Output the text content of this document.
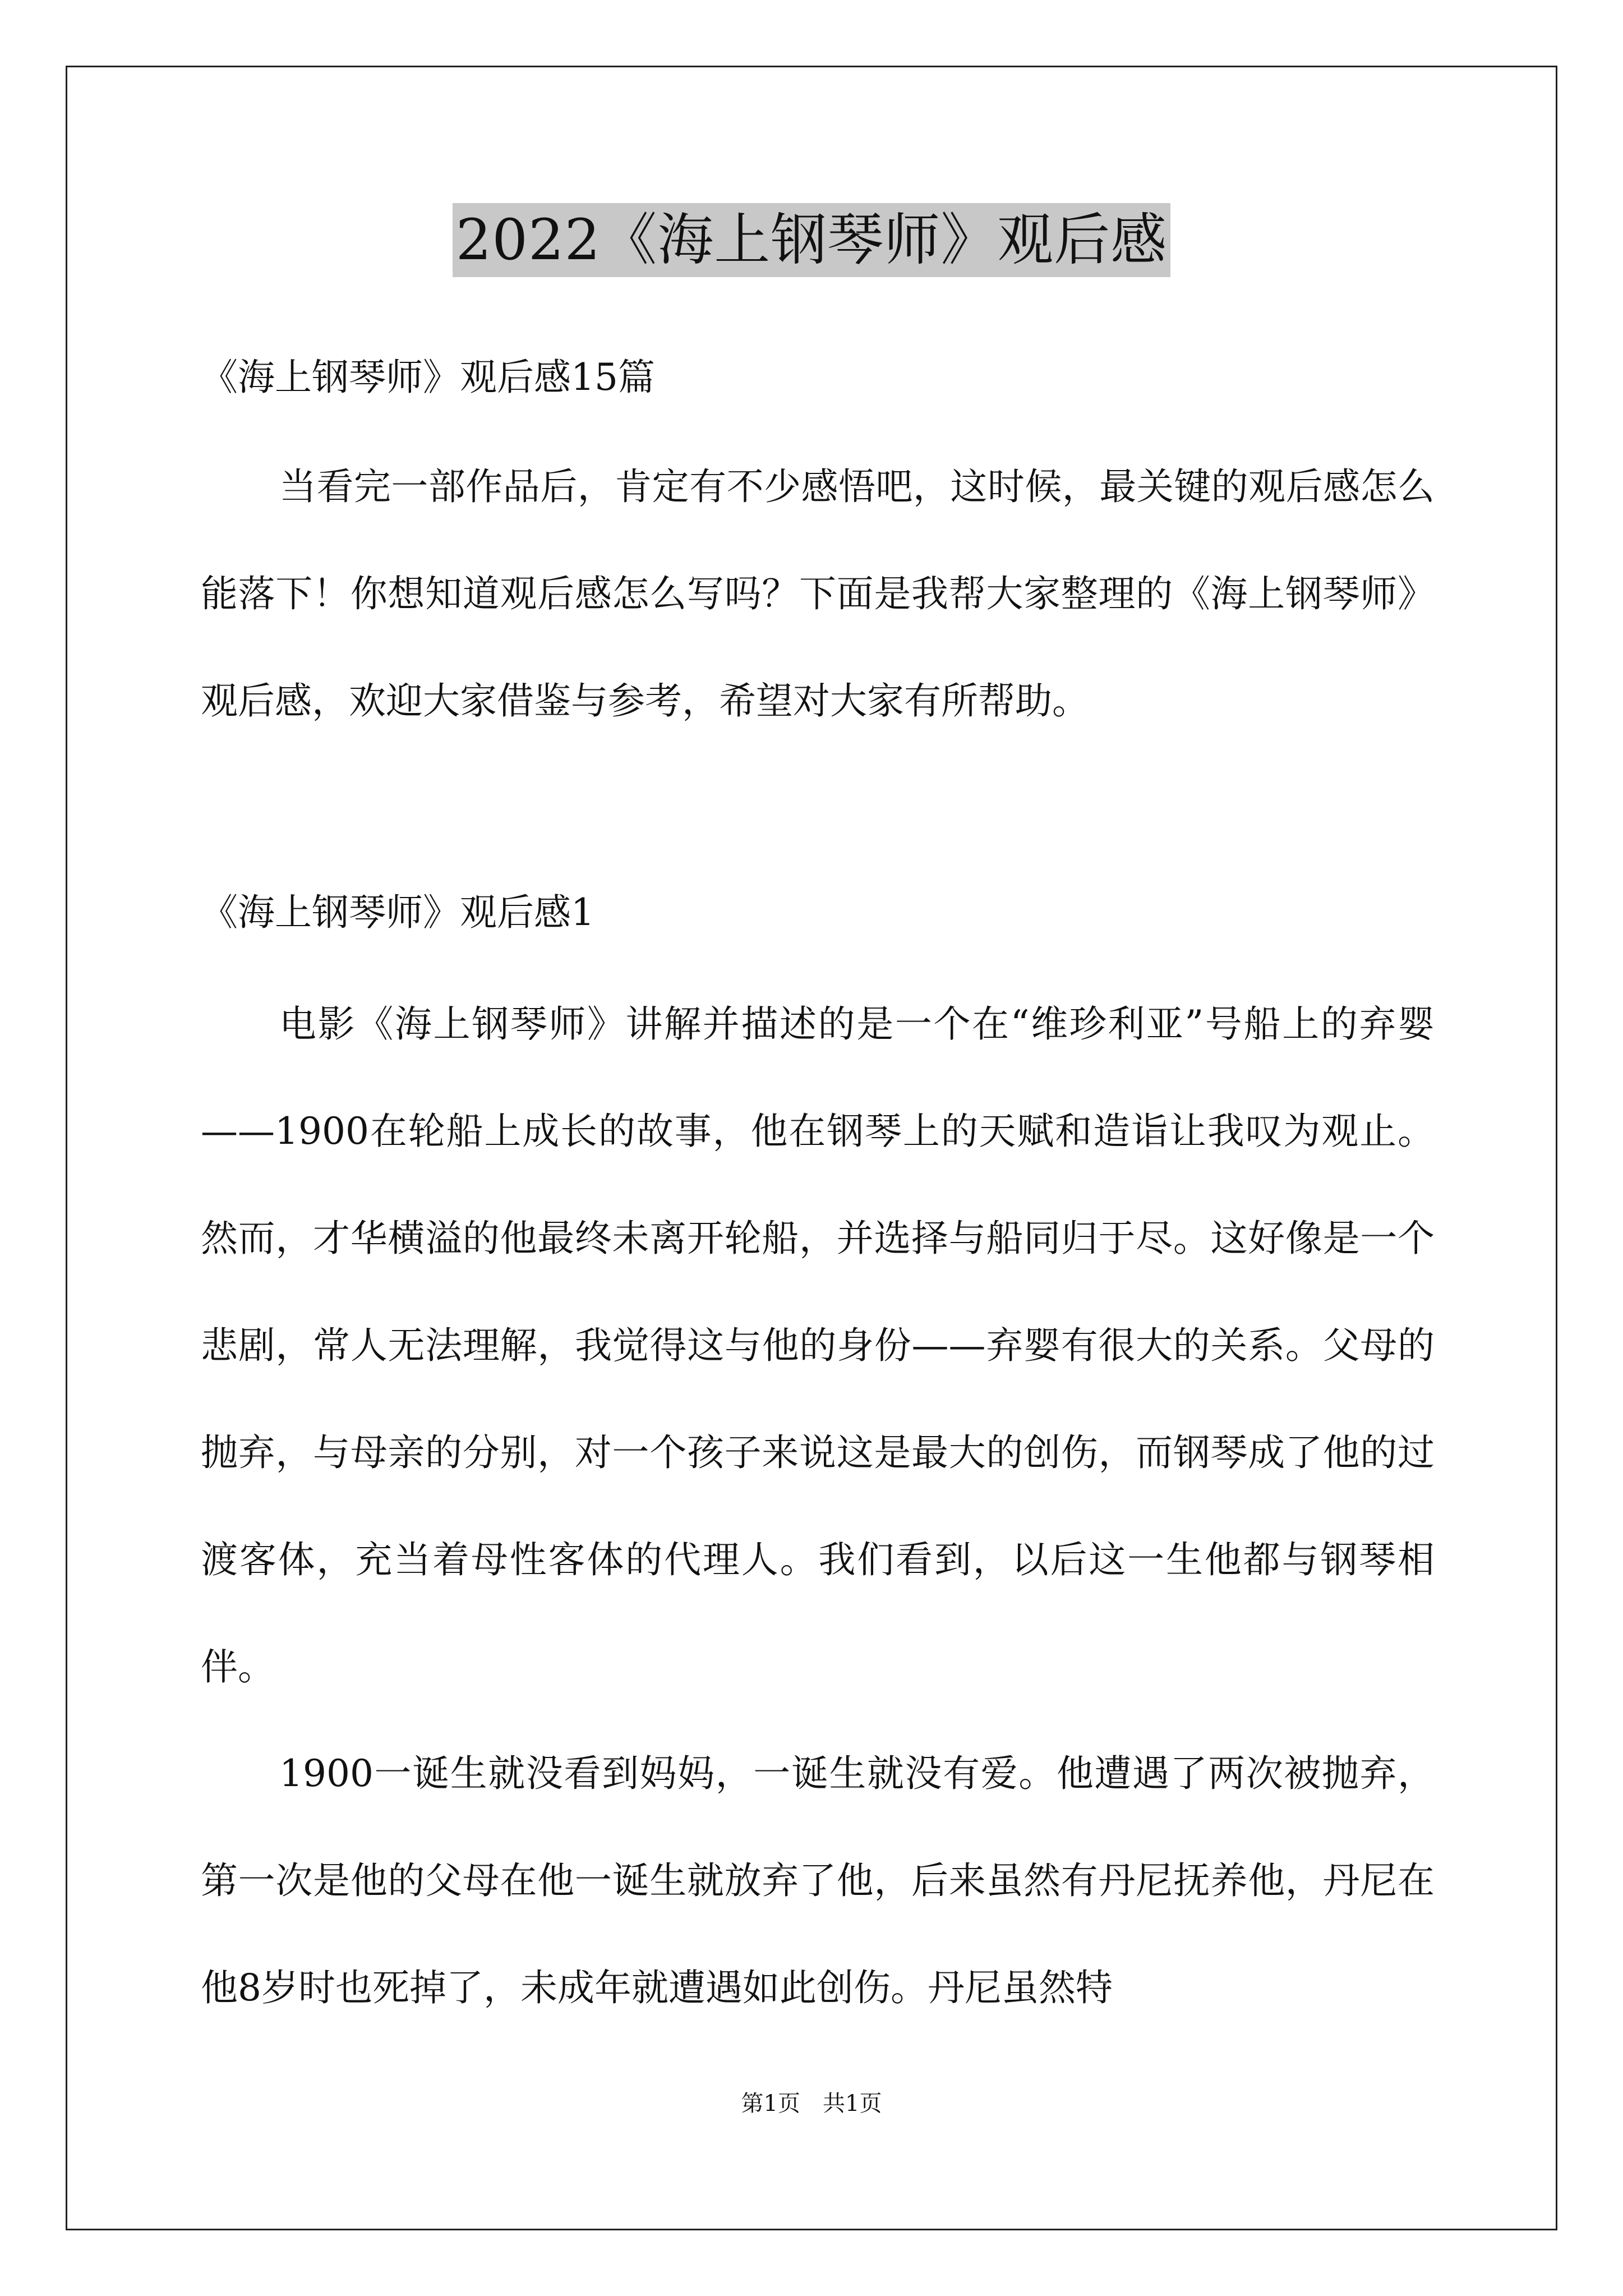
2022《海上钢琴师》观后感

《海上钢琴师》观后感15篇

当看完一部作品后，肯定有不少感悟吧，这时候，最关键的观后感怎么能落下！你想知道观后感怎么写吗？下面是我帮大家整理的《海上钢琴师》观后感，欢迎大家借鉴与参考，希望对大家有所帮助。

《海上钢琴师》观后感1

电影《海上钢琴师》讲解并描述的是一个在“维珍利亚”号船上的弃婴——1900在轮船上成长的故事，他在钢琴上的天赋和造诣让我叹为观止。然而，才华横溢的他最终未离开轮船，并选择与船同归于尽。这好像是一个悲剧，常人无法理解，我觉得这与他的身份——弃婴有很大的关系。父母的抛弃，与母亲的分别，对一个孩子来说这是最大的创伤，而钢琴成了他的过渡客体，充当着母性客体的代理人。我们看到，以后这一生他都与钢琴相伴。

1900一诞生就没看到妈妈，一诞生就没有爱。他遭遇了两次被抛弃，第一次是他的父母在他一诞生就放弃了他，后来虽然有丹尼抚养他，丹尼在他8岁时也死掉了，未成年就遭遇如此创伤。丹尼虽然特

第1页 共1页
